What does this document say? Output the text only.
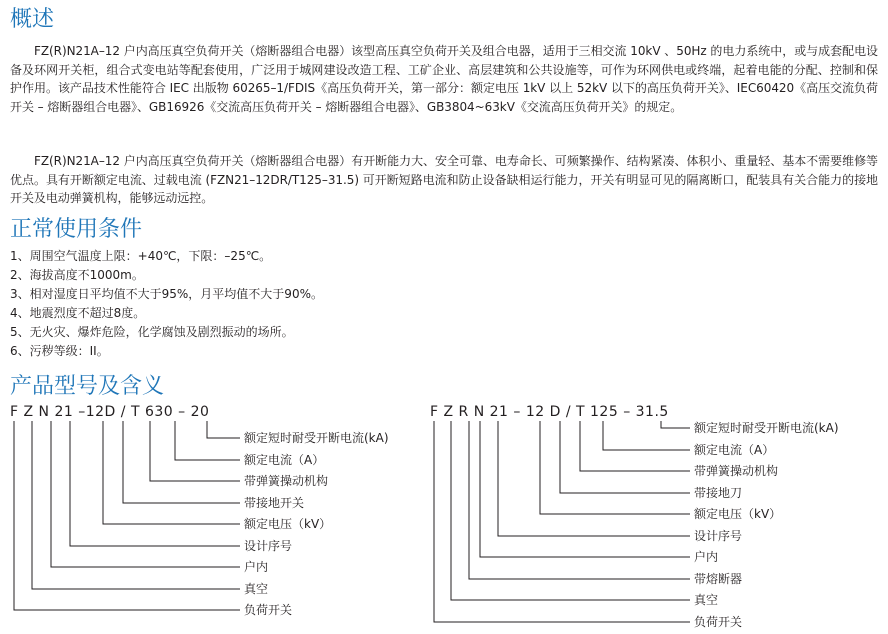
概述

FZ(R)N21A–12 户内高压真空负荷开关（熔断器组合电器）该型高压真空负荷开关及组合电器，适用于三相交流 10kV 、50Hz 的电力系统中，或与成套配电设备及环网开关柜，组合式变电站等配套使用，广泛用于城网建设改造工程、工矿企业、高层建筑和公共设施等，可作为环网供电或终端，起着电能的分配、控制和保护作用。该产品技术性能符合 IEC 出版物 60265–1/FDIS《高压负荷开关，第一部分：额定电压 1kV 以上 52kV 以下的高压负荷开关》、IEC60420《高压交流负荷开关 – 熔断器组合电器》、GB16926《交流高压负荷开关 – 熔断器组合电器》、GB3804~63kV《交流高压负荷开关》的规定。

FZ(R)N21A–12 户内高压真空负荷开关（熔断器组合电器）有开断能力大、安全可靠、电寿命长、可频繁操作、结构紧凑、体积小、重量轻、基本不需要维修等优点。具有开断额定电流、过载电流 (FZN21–12DR/T125–31.5) 可开断短路电流和防止设备缺相运行能力，开关有明显可见的隔离断口，配装具有关合能力的接地开关及电动弹簧机构，能够远动远控。

正常使用条件
1、周围空气温度上限：+40℃，下限：–25℃。
2、海拔高度不1000m。
3、相对湿度日平均值不大于95%，月平均值不大于90%。
4、地震烈度不超过8度。
5、无火灾、爆炸危险，化学腐蚀及剧烈振动的场所。
6、污秽等级：II。
产品型号及含义
F Z N 21 –12D / T 630 – 20	F Z R N 21 – 12 D / T 125 – 31.5
额定短时耐受开断电流(kA)
额定电流（A）
带弹簧操动机构
带接地开关
额定电压（kV）
设计序号
户内
真空
负荷开关
额定短时耐受开断电流(kA)
额定电流（A）
带弹簧操动机构
带接地刀
额定电压（kV）
设计序号
户内
带熔断器
真空
负荷开关
